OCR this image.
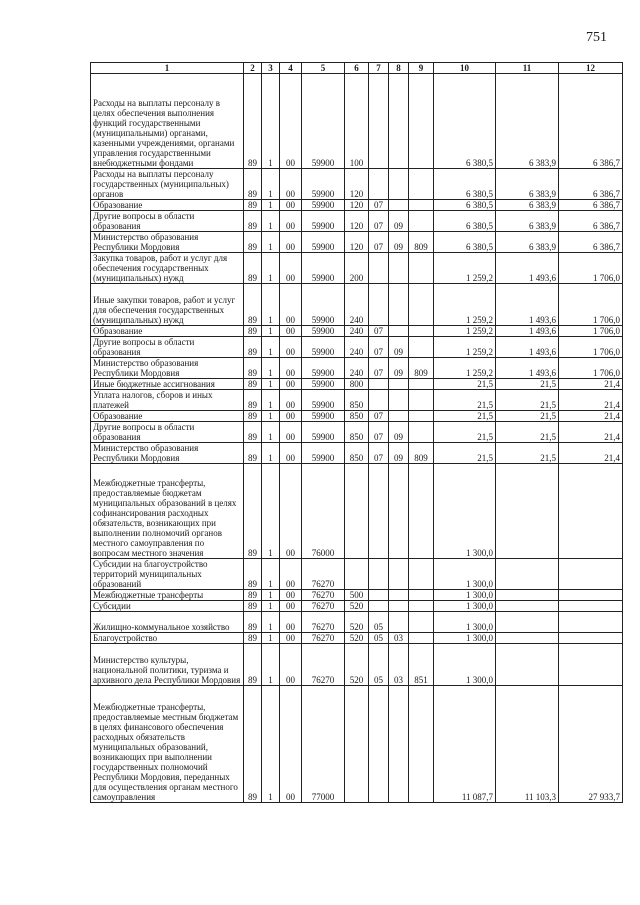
751
1	2	3	4	5	6	7	8	9	10	11	12
Расходы на выплаты персоналу в целях обеспечения выполнения функций государственными (муниципальными) органами, казенными учреждениями, органами управления государственными внебюджетными фондами	89	1	00	59900	100				6 380,5	6 383,9	6 386,7
Расходы на выплаты персоналу государственных (муниципальных) органов	89	1	00	59900	120				6 380,5	6 383,9	6 386,7
Образование	89	1	00	59900	120	07			6 380,5	6 383,9	6 386,7
Другие вопросы в области образования	89	1	00	59900	120	07	09		6 380,5	6 383,9	6 386,7
Министерство образования Республики Мордовия	89	1	00	59900	120	07	09	809	6 380,5	6 383,9	6 386,7
Закупка товаров, работ и услуг для обеспечения государственных (муниципальных) нужд	89	1	00	59900	200				1 259,2	1 493,6	1 706,0
Иные закупки товаров, работ и услуг для обеспечения государственных (муниципальных) нужд	89	1	00	59900	240				1 259,2	1 493,6	1 706,0
Образование	89	1	00	59900	240	07			1 259,2	1 493,6	1 706,0
Другие вопросы в области образования	89	1	00	59900	240	07	09		1 259,2	1 493,6	1 706,0
Министерство образования Республики Мордовия	89	1	00	59900	240	07	09	809	1 259,2	1 493,6	1 706,0
Иные бюджетные ассигнования	89	1	00	59900	800				21,5	21,5	21,4
Уплата налогов, сборов и иных платежей	89	1	00	59900	850				21,5	21,5	21,4
Образование	89	1	00	59900	850	07			21,5	21,5	21,4
Другие вопросы в области образования	89	1	00	59900	850	07	09		21,5	21,5	21,4
Министерство образования Республики Мордовия	89	1	00	59900	850	07	09	809	21,5	21,5	21,4
Межбюджетные трансферты, предоставляемые бюджетам муниципальных образований в целях софинансирования расходных обязательств, возникающих при выполнении полномочий органов местного самоуправления по вопросам местного значения	89	1	00	76000					1 300,0		
Субсидии на благоустройство территорий муниципальных образований	89	1	00	76270					1 300,0		
Межбюджетные трансферты	89	1	00	76270	500				1 300,0		
Субсидии	89	1	00	76270	520				1 300,0		
Жилищно-коммунальное хозяйство	89	1	00	76270	520	05			1 300,0		
Благоустройство	89	1	00	76270	520	05	03		1 300,0		
Министерство культуры, национальной политики, туризма и архивного дела Республики Мордовия	89	1	00	76270	520	05	03	851	1 300,0		
Межбюджетные трансферты, предоставляемые местным бюджетам в целях финансового обеспечения расходных обязательств муниципальных образований, возникающих при выполнении государственных полномочий Республики Мордовия, переданных для осуществления органам местного самоуправления	89	1	00	77000					11 087,7	11 103,3	27 933,7
